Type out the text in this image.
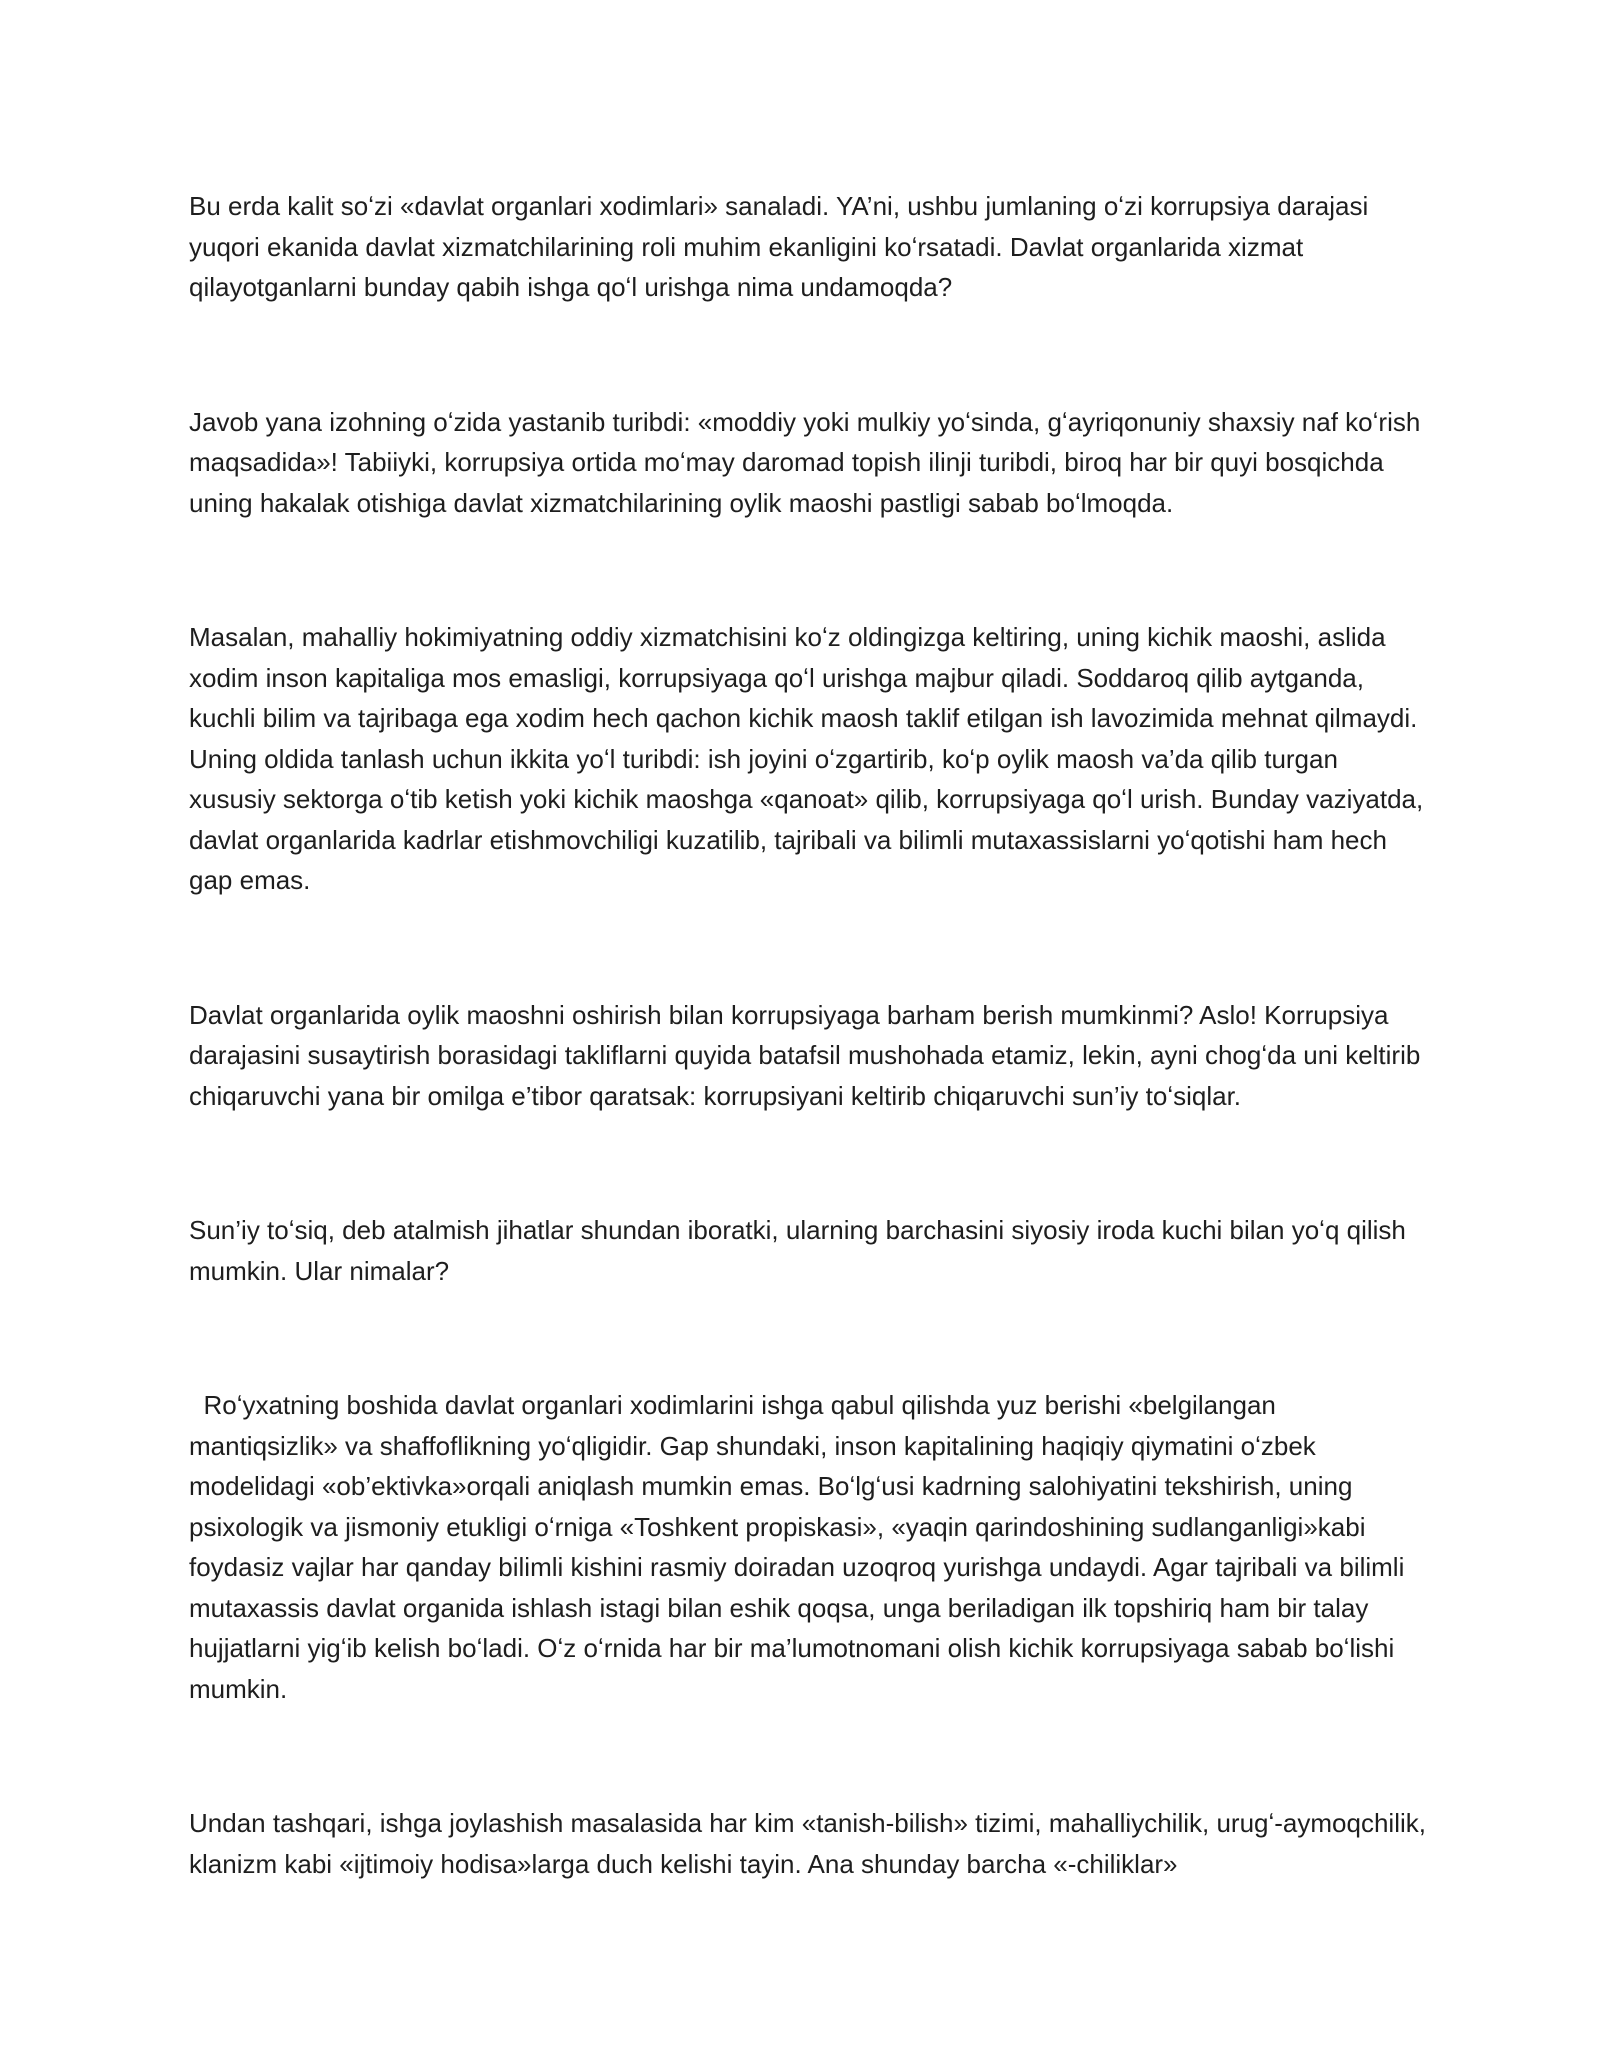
Bu erda kalit soʻzi «davlat organlari xodimlari» sanaladi. YA’ni, ushbu jumlaning oʻzi korrupsiya darajasi yuqori ekanida davlat xizmatchilarining roli muhim ekanligini koʻrsatadi. Davlat organlarida xizmat qilayotganlarni bunday qabih ishga qoʻl urishga nima undamoqda?

Javob yana izohning oʻzida yastanib turibdi: «moddiy yoki mulkiy yoʻsinda, gʻayriqonuniy shaxsiy naf koʻrish maqsadida»! Tabiiyki, korrupsiya ortida moʻmay daromad topish ilinji turibdi, biroq har bir quyi bosqichda uning hakalak otishiga davlat xizmatchilarining oylik maoshi pastligi sabab boʻlmoqda.

Masalan, mahalliy hokimiyatning oddiy xizmatchisini koʻz oldingizga keltiring, uning kichik maoshi, aslida xodim inson kapitaliga mos emasligi, korrupsiyaga qoʻl urishga majbur qiladi. Soddaroq qilib aytganda, kuchli bilim va tajribaga ega xodim hech qachon kichik maosh taklif etilgan ish lavozimida mehnat qilmaydi. Uning oldida tanlash uchun ikkita yoʻl turibdi: ish joyini oʻzgartirib, koʻp oylik maosh va’da qilib turgan xususiy sektorga oʻtib ketish yoki kichik maoshga «qanoat» qilib, korrupsiyaga qoʻl urish. Bunday vaziyatda, davlat organlarida kadrlar etishmovchiligi kuzatilib, tajribali va bilimli mutaxassislarni yoʻqotishi ham hech gap emas.

Davlat organlarida oylik maoshni oshirish bilan korrupsiyaga barham berish mumkinmi? Aslo! Korrupsiya darajasini susaytirish borasidagi takliflarni quyida batafsil mushohada etamiz, lekin, ayni chogʻda uni keltirib chiqaruvchi yana bir omilga e’tibor qaratsak: korrupsiyani keltirib chiqaruvchi sun’iy toʻsiqlar.

Sun’iy toʻsiq, deb atalmish jihatlar shundan iboratki, ularning barchasini siyosiy iroda kuchi bilan yoʻq qilish mumkin. Ular nimalar?

Roʻyxatning boshida davlat organlari xodimlarini ishga qabul qilishda yuz berishi «belgilangan mantiqsizlik» va shaffoflikning yoʻqligidir. Gap shundaki, inson kapitalining haqiqiy qiymatini oʻzbek modelidagi «ob’ektivka»orqali aniqlash mumkin emas. Boʻlgʻusi kadrning salohiyatini tekshirish, uning psixologik va jismoniy etukligi oʻrniga «Toshkent propiskasi», «yaqin qarindoshining sudlanganligi»kabi foydasiz vajlar har qanday bilimli kishini rasmiy doiradan uzoqroq yurishga undaydi. Agar tajribali va bilimli mutaxassis davlat organida ishlash istagi bilan eshik qoqsa, unga beriladigan ilk topshiriq ham bir talay hujjatlarni yigʻib kelish boʻladi. Oʻz oʻrnida har bir ma’lumotnomani olish kichik korrupsiyaga sabab boʻlishi mumkin.

Undan tashqari, ishga joylashish masalasida har kim «tanish-bilish» tizimi, mahalliychilik, urugʻ-aymoqchilik, klanizm kabi «ijtimoiy hodisa»larga duch kelishi tayin. Ana shunday barcha «-chiliklar»
